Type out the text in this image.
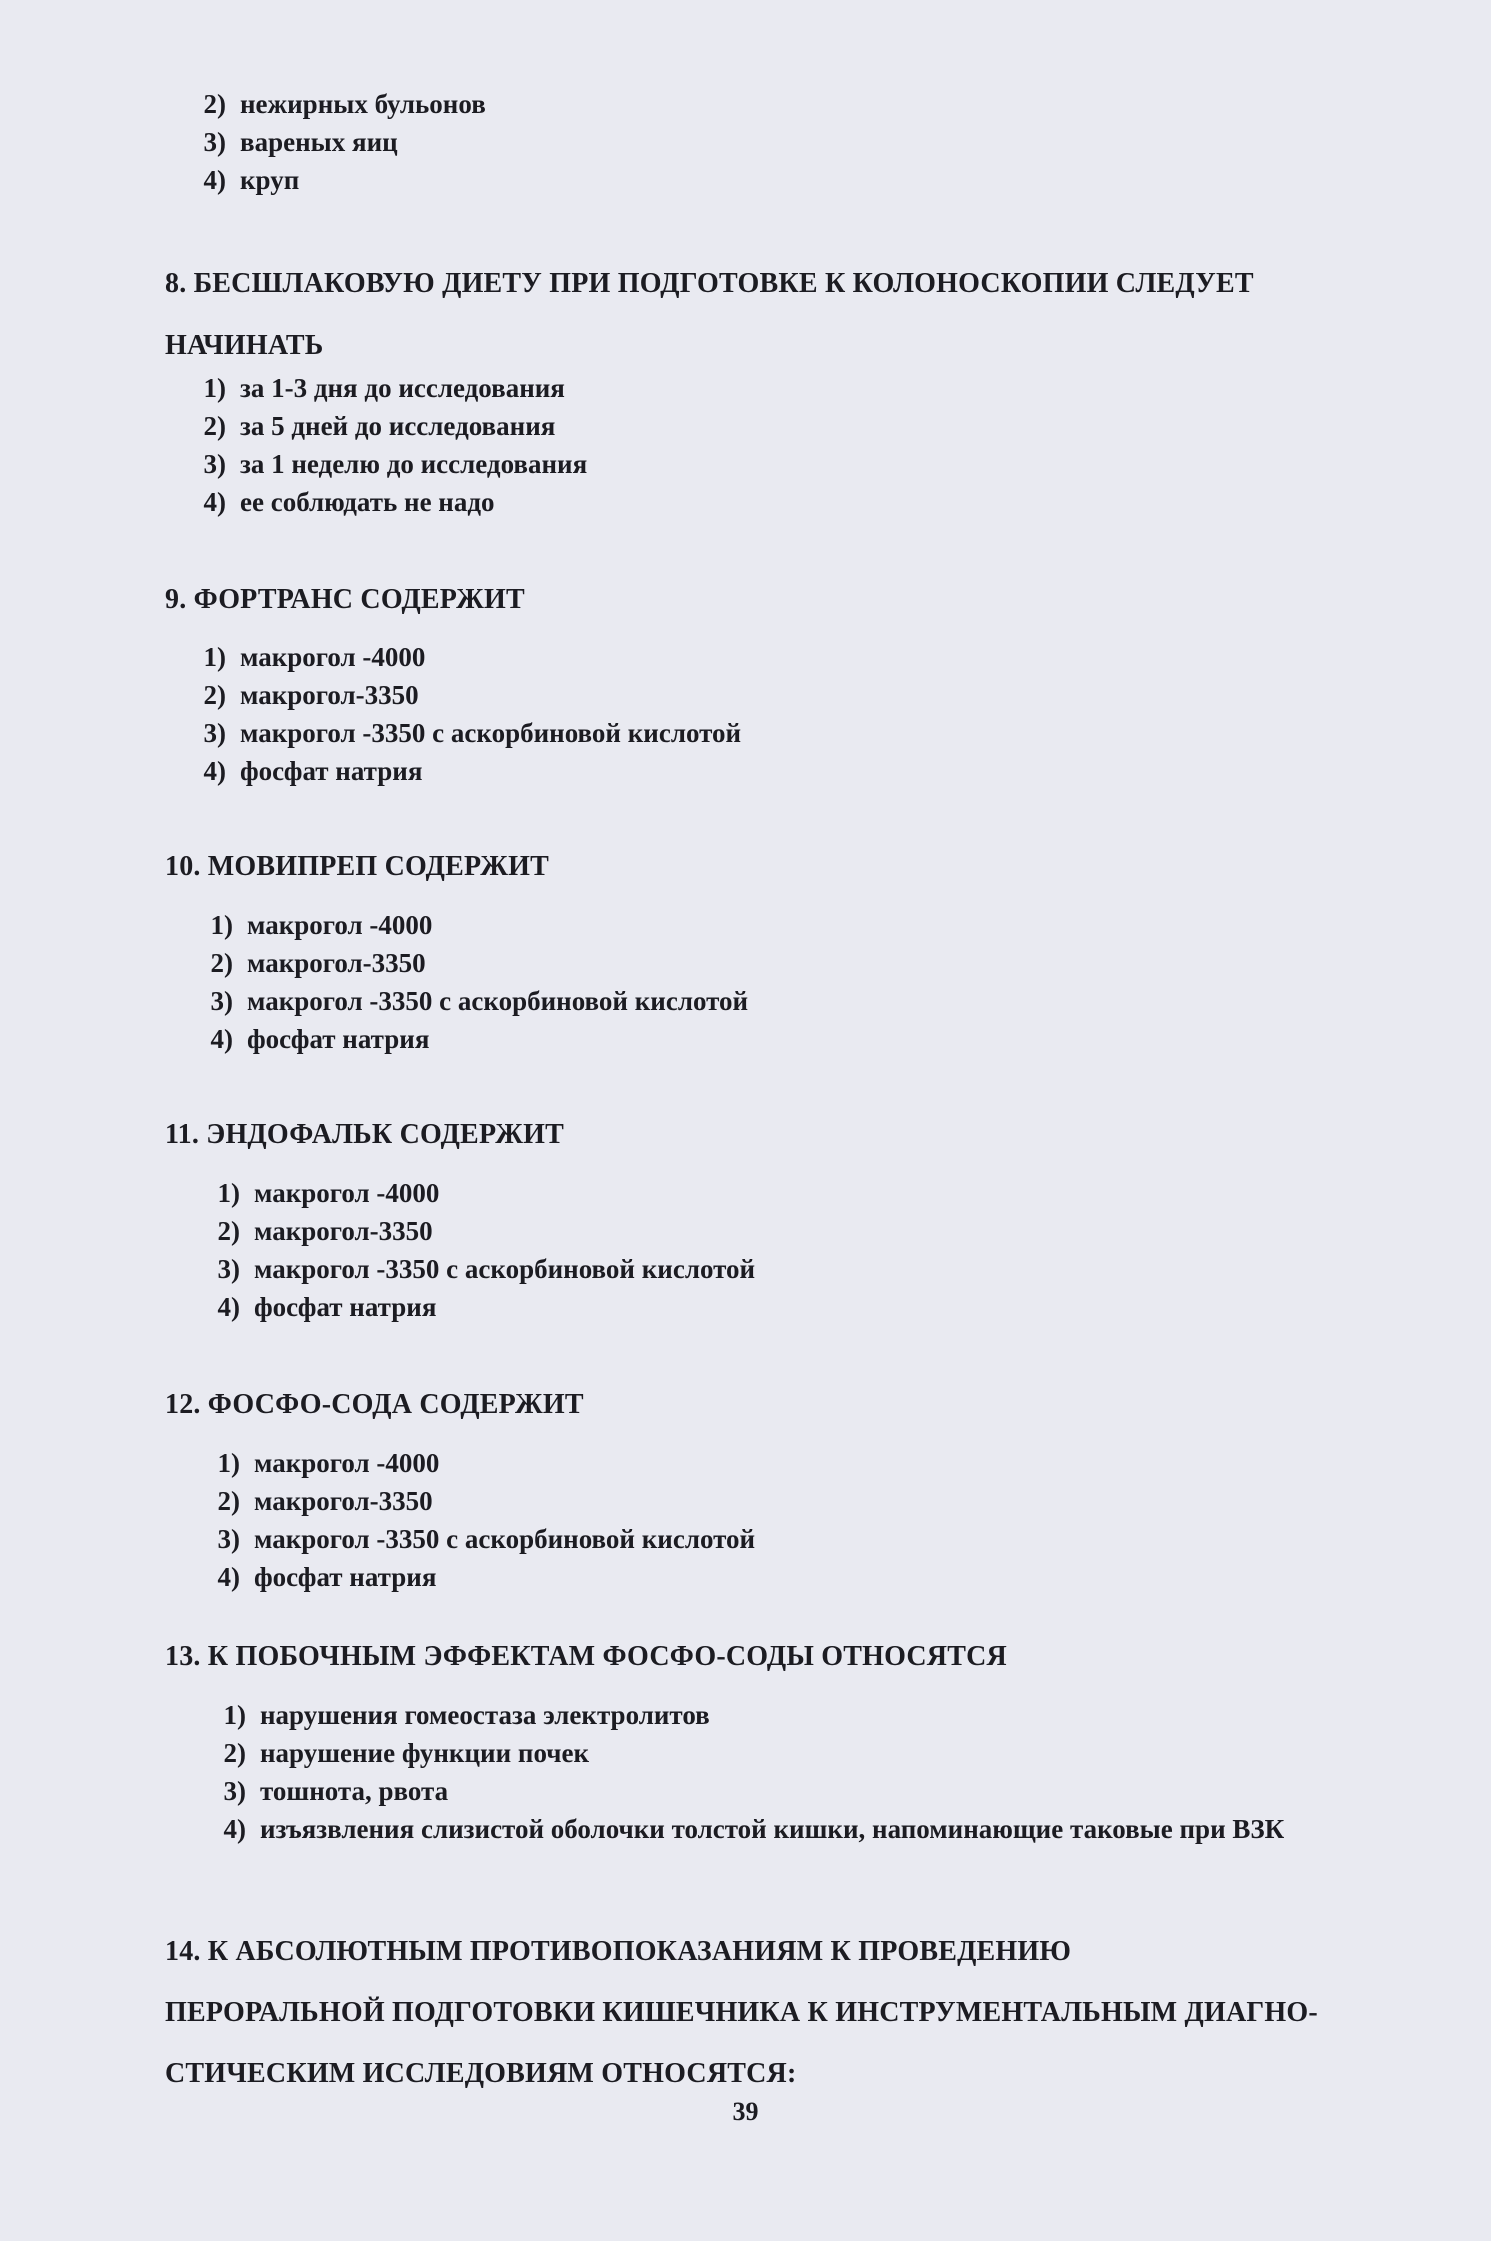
2) нежирных бульонов
3) вареных яиц
4) круп
8. БЕСШЛАКОВУЮ ДИЕТУ ПРИ ПОДГОТОВКЕ К КОЛОНОСКОПИИ СЛЕДУЕТ
НАЧИНАТЬ
1) за 1-3 дня до исследования
2) за 5 дней до исследования
3) за 1 неделю до исследования
4) ее соблюдать не надо
9. ФОРТРАНС СОДЕРЖИТ
1) макрогол -4000
2) макрогол-3350
3) макрогол -3350 с аскорбиновой кислотой
4) фосфат натрия
10. МОВИПРЕП СОДЕРЖИТ
1) макрогол -4000
2) макрогол-3350
3) макрогол -3350 с аскорбиновой кислотой
4) фосфат натрия
11. ЭНДОФАЛЬК СОДЕРЖИТ
1) макрогол -4000
2) макрогол-3350
3) макрогол -3350 с аскорбиновой кислотой
4) фосфат натрия
12. ФОСФО-СОДА СОДЕРЖИТ
1) макрогол -4000
2) макрогол-3350
3) макрогол -3350 с аскорбиновой кислотой
4) фосфат натрия
13. К ПОБОЧНЫМ ЭФФЕКТАМ ФОСФО-СОДЫ ОТНОСЯТСЯ
1) нарушения гомеостаза электролитов
2) нарушение функции почек
3) тошнота, рвота
4) изъязвления слизистой оболочки толстой кишки, напоминающие таковые при ВЗК
14. К АБСОЛЮТНЫМ ПРОТИВОПОКАЗАНИЯМ К ПРОВЕДЕНИЮ
ПЕРОРАЛЬНОЙ ПОДГОТОВКИ КИШЕЧНИКА К ИНСТРУМЕНТАЛЬНЫМ ДИАГНО-
СТИЧЕСКИМ ИССЛЕДОВИЯМ ОТНОСЯТСЯ:
39
